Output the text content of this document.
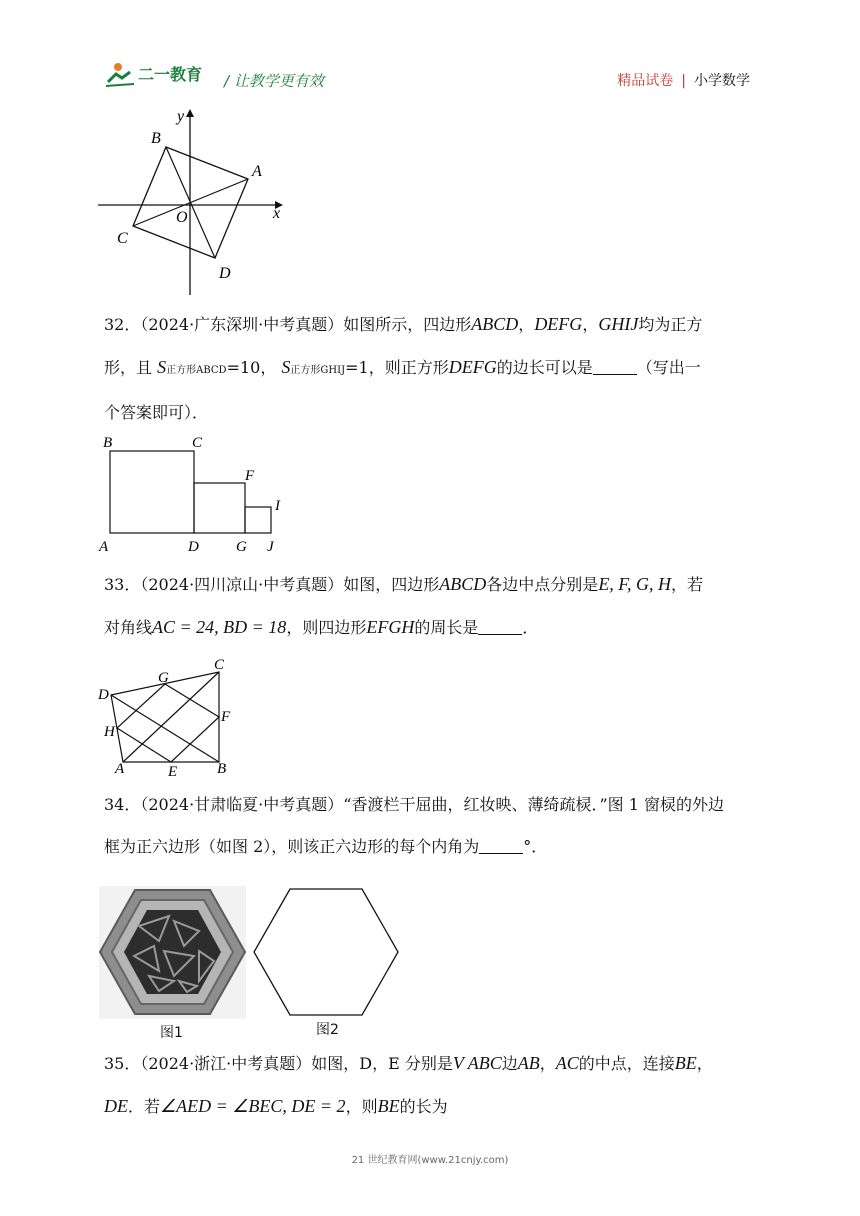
二一教育 / 让教学更有效	精品试卷 | 小学数学
y
x
O
A
B
C
D
32．（2024·广东深圳·中考真题）如图所示，四边形ABCD，DEFG，GHIJ均为正方
形，且 S正方形ABCD=10， S正方形GHIJ=1，则正方形DEFG的边长可以是	（写出一
个答案即可）．
B	C
F
I
A	D G J
33．（2024·四川凉山·中考真题）如图，四边形ABCD各边中点分别是E, F, G, H，若
对角线AC = 24, BD = 18，则四边形EFGH的周长是	．
C
G
D
F
H
A	E	B
34．（2024·甘肃临夏·中考真题）“香渡栏干屈曲，红妆映、薄绮疏棂．”图 1 窗棂的外边
框为正六边形（如图 2），则该正六边形的每个内角为	°．
图1	图2
35．（2024·浙江·中考真题）如图，D，E 分别是V ABC边AB，AC的中点，连接BE，
DE．若∠AED = ∠BEC, DE = 2，则BE的长为
21 世纪教育网(www.21cnjy.com)
